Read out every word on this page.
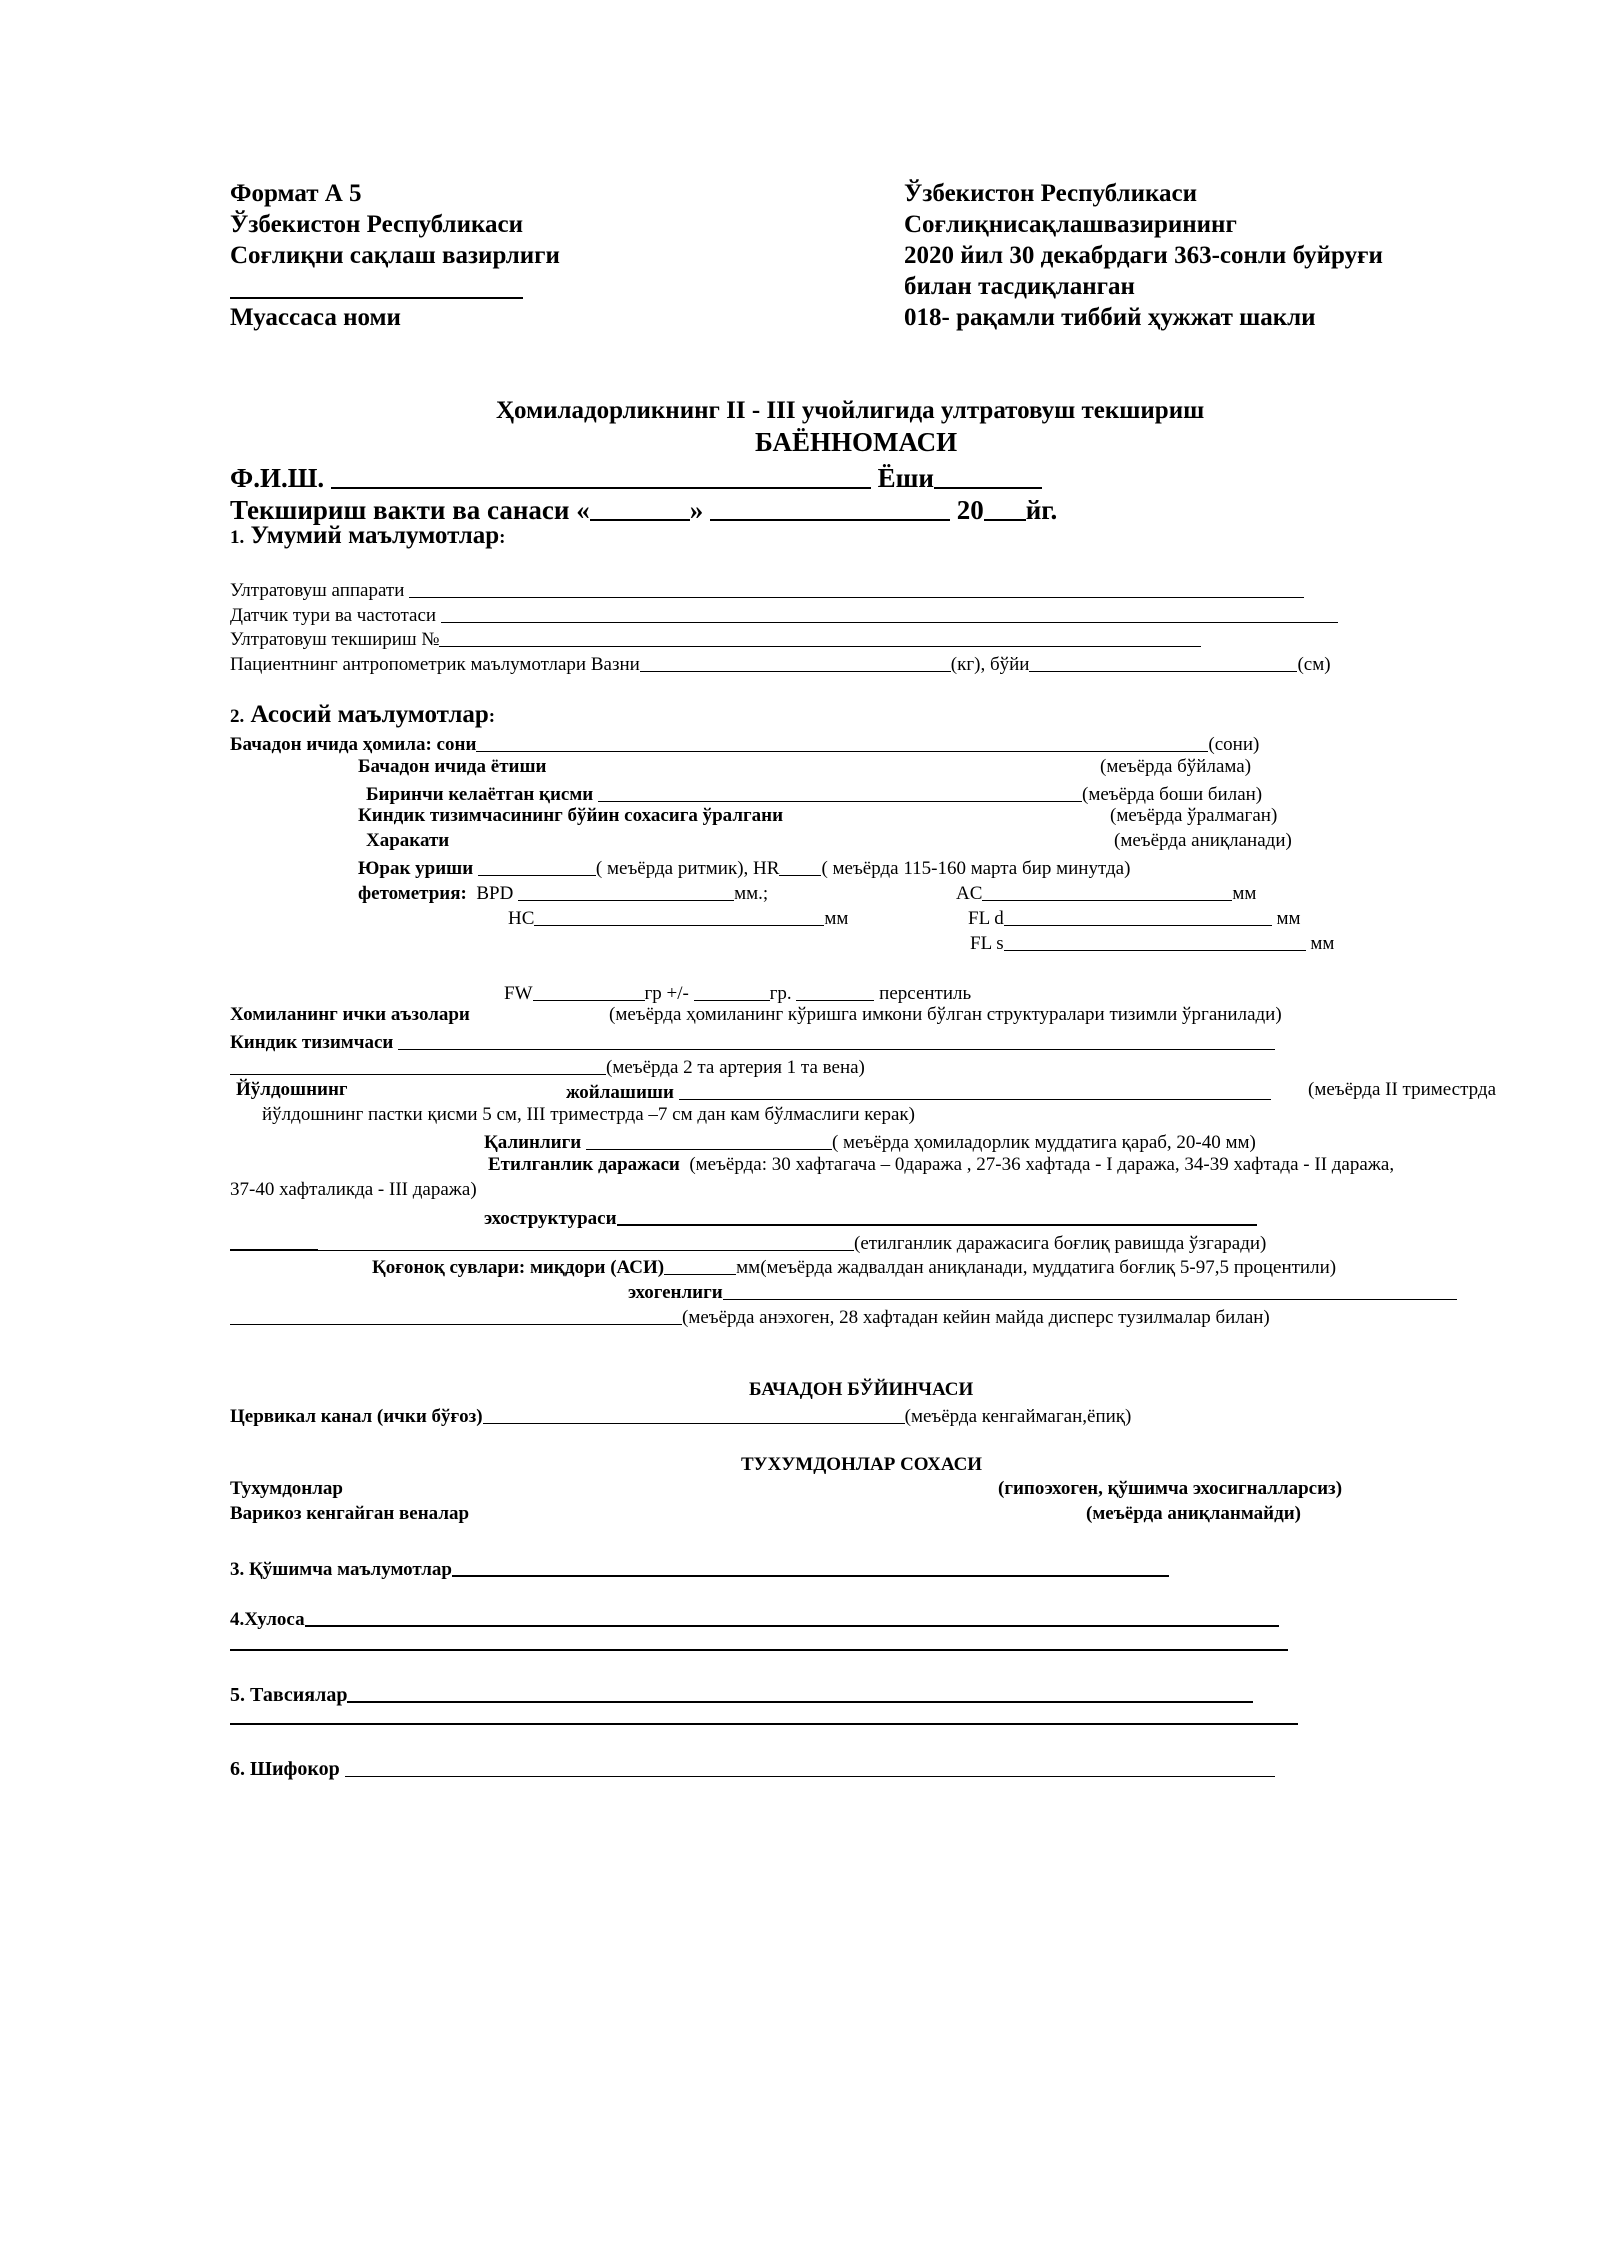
Формат А 5
Ўзбекистон Республикаси
Соғлиқни сақлаш вазирлиги
Муассаса номи
Ўзбекистон Республикаси
Соғлиқнисақлашвазирининг
2020 йил 30 декабрдаги 363-сонли буйруғи
билан тасдиқланган
018- рақамли тиббий ҳужжат шакли
Ҳомиладорликнинг II - III учойлигида ултратовуш текшириш
БАЁННОМАСИ
Ф.И.Ш.	Ёши
Текшириш вакти ва санаси «	»	20 йг.
1. Умумий маълумотлар:
Ултратовуш аппарати
Датчик тури ва частотаси
Ултратовуш текшириш №
Пациентнинг антропометрик маълумотлари Вазни	(кг), бўйи	(см)
2. Асосий маълумотлар:
Бачадон ичида ҳомила: сони	(сони)
Бачадон ичида ётиши	(меъёрда бўйлама)
Биринчи келаётган қисми	(меъёрда боши билан)
Киндик тизимчасининг бўйин сохасига ўралгани	(меъёрда ўралмаган)
Харакати	(меъёрда аниқланади)
Юрак уриши	( меъёрда ритмик), HR ( меъёрда 115-160 марта бир минутда)
фетометрия: BPD	мм.;	АC	мм
HC	мм	FL d	мм
FL s	мм
FW	гр +/-	гр.	персентиль
Хомиланинг ички аъзолари	(меъёрда ҳомиланинг кўришга имкони бўлган структуралари тизимли ўрганилади)
Киндик тизимчаси
(меъёрда 2 та артерия 1 та вена)
Йўлдошнинг	жойлашиши	(меъёрда II триместрда
йўлдошнинг пастки қисми 5 см, III триместрда –7 см дан кам бўлмаслиги керак)
Қалинлиги	( меъёрда ҳомиладорлик муддатига қараб, 20-40 мм)
Етилганлик даражаси (меъёрда: 30 хафтагача – 0даража , 27-36 хафтада - I даража, 34-39 хафтада - II даража,
37-40 хафталикда - III даража)
эхоструктураси
(етилганлик даражасига боғлиқ равишда ўзгаради)
Қоғоноқ сувлари: миқдори (АСИ)	мм(меъёрда жадвалдан аниқланади, муддатига боғлиқ 5-97,5 процентили)
эхогенлиги
(меъёрда анэхоген, 28 хафтадан кейин майда дисперс тузилмалар билан)
БАЧАДОН БЎЙИНЧАСИ
Цервикал канал (ички бўғоз)	(меъёрда кенгаймаган,ёпиқ)
ТУХУМДОНЛАР СОХАСИ
Тухумдонлар	(гипоэхоген, қўшимча эхосигналларсиз)
Варикоз кенгайган веналар	(меъёрда аниқланмайди)
3. Қўшимча маълумотлар
4.Хулоса
5. Тавсиялар
6. Шифокор
